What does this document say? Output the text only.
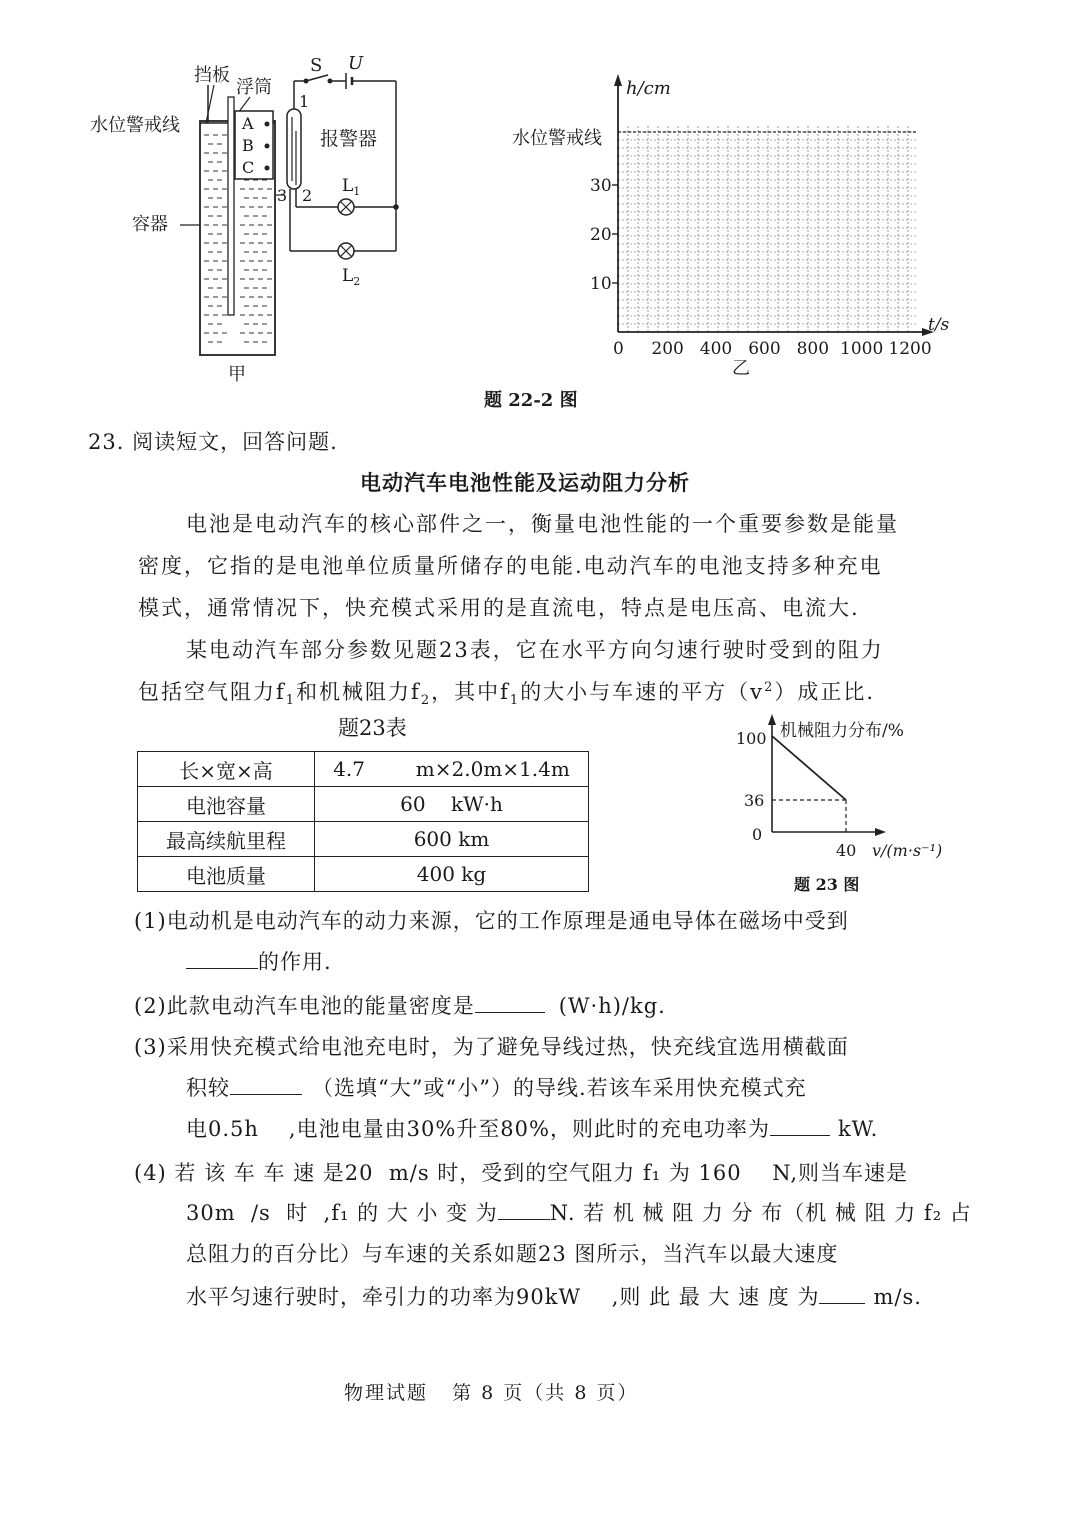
挡板
浮筒
水位警戒线
容器
A
B
C
S U
1
2
3
报警器
$L_1$
$L_2$
甲
h/cm
t/s
水位警戒线
10
20
30
0 200 400 600 800 1000 1200
乙
题 22-2 图
23. 阅读短文，回答问题.
电动汽车电池性能及运动阻力分析
电池是电动汽车的核心部件之一，衡量电池性能的一个重要参数是能量
密度，它指的是电池单位质量所储存的电能.电动汽车的电池支持多种充电
模式，通常情况下，快充模式采用的是直流电，特点是电压高、电流大.
某电动汽车部分参数见题23表，它在水平方向匀速行驶时受到的阻力
包括空气阻力$f_1$和机械阻力$f_2$，其中$f_1$的大小与车速的平方$(v^2)$成正比.
题23表
长×宽×高	4.7        m×2.0m×1.4m
电池容量	60    kW·h
最高续航里程	600 km
电池质量	400 kg
机械阻力分布/%
100
36
0
40 v/(m·s⁻¹)
题 23 图
(1)电动机是电动汽车的动力来源，它的工作原理是通电导体在磁场中受到
的作用.
(2)此款电动汽车电池的能量密度是	(W·h)/kg.
(3)采用快充模式给电池充电时，为了避免导线过热，快充线宜选用横截面
积较	（选填“大”或“小”）的导线.若该车采用快充模式充
电0.5h ,电池电量由30%升至80%，则此时的充电功率为	kW.
(4) 若 该 车 车 速 是20  m/s 时，受到的空气阻力 f₁ 为 160    N,则当车速是
30m  /s  时  ,f₁ 的 大 小 变 为 N. 若 机 械 阻 力 分 布（机 械 阻 力 f₂ 占
总阻力的百分比）与车速的关系如题23 图所示，当汽车以最大速度
水平匀速行驶时，牵引力的功率为90kW    ,则 此 最 大 速 度 为	m/s.
物理试题   第 8 页（共 8 页）
